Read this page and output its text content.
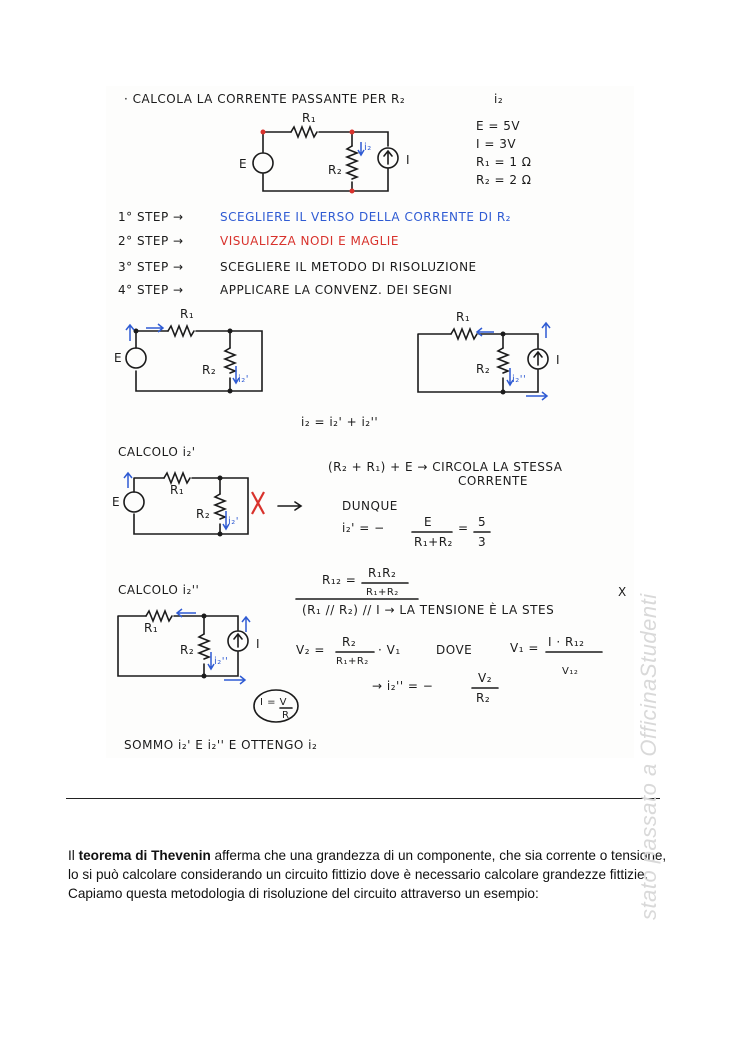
· CALCOLA LA CORRENTE PASSANTE PER R₂	i₂
i₂
R₁
R₂
E	I
E = 5V
I = 3V
R₁ = 1 Ω
R₂ = 2 Ω
1° STEP →	SCEGLIERE IL VERSO DELLA CORRENTE DI R₂
2° STEP →	VISUALIZZA NODI E MAGLIE
3° STEP →	SCEGLIERE IL METODO DI RISOLUZIONE
4° STEP →	APPLICARE LA CONVENZ. DEI SEGNI
R₁
R₂
E
i₂'
R₁
R₂
I
i₂''
i₂ = i₂' + i₂''
CALCOLO i₂'
R₁
R₂
E
i₂'
(R₂ + R₁) + E → CIRCOLA LA STESSA
CORRENTE
DUNQUE
i₂' = −	E
R₁+R₂
= 5
3
CALCOLO i₂''
R₁
R₂	I
i₂''
R₁₂ = R₁R₂
R₁+R₂
(R₁ // R₂) // I → LA TENSIONE È LA STES
X
V₂ =
R₂
R₁+R₂
· V₁	DOVE	V₁ = I · R₁₂
V₁₂
→ i₂'' = −
V₂
R₂
I = V
R
SOMMO i₂' E i₂'' E OTTENGO i₂
Il teorema di Thevenin afferma che una grandezza di un componente, che sia corrente o tensione,
lo si può calcolare considerando un circuito fittizio dove è necessario calcolare grandezze fittizie.
Capiamo questa metodologia di risoluzione del circuito attraverso un esempio:	stato passato a OfficinaStudenti
